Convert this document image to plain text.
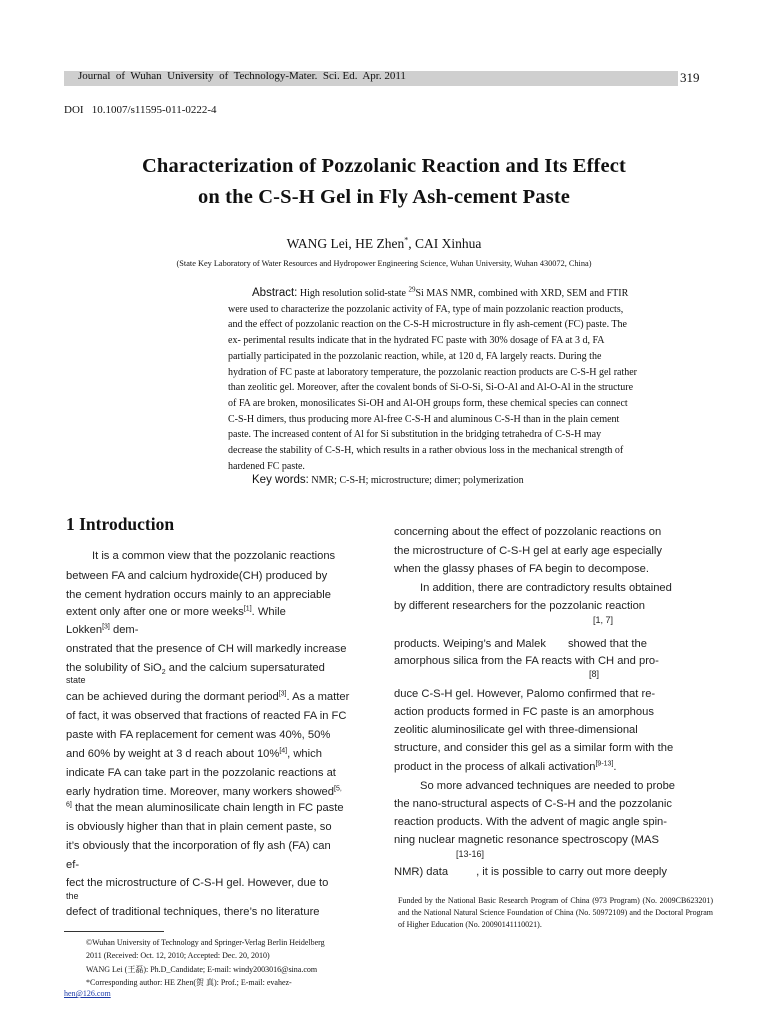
Journal  of  Wuhan  University  of  Technology-Mater.  Sci. Ed.  Apr. 2011	319
DOI   10.1007/s11595-011-0222-4
Characterization of Pozzolanic Reaction and Its Effect
on the C-S-H Gel in Fly Ash-cement Paste
WANG Lei, HE Zhen*, CAI Xinhua
(State Key Laboratory of Water Resources and Hydropower Engineering Science, Wuhan University, Wuhan 430072, China)
Abstract: High resolution solid-state $^{29}$Si MAS NMR, combined with XRD, SEM and FTIR
were used to characterize the pozzolanic activity of FA, type of main pozzolanic reaction products,
and the effect of pozzolanic reaction on the C-S-H microstructure in fly ash-cement (FC) paste. The
ex- perimental results indicate that in the hydrated FC paste with 30% dosage of FA at 3 d, FA
partially participated in the pozzolanic reaction, while, at 120 d, FA largely reacts. During the
hydration of FC paste at laboratory temperature, the pozzolanic reaction products are C-S-H gel rather
than zeolitic gel. Moreover, after the covalent bonds of Si-O-Si, Si-O-Al and Al-O-Al in the structure
of FA are broken, monosilicates Si-OH and Al-OH groups form, these chemical species can connect
C-S-H dimers, thus producing more Al-free C-S-H and aluminous C-S-H than in the plain cement
paste. The increased content of Al for Si substitution in the bridging tetrahedra of C-S-H may
decrease the stability of C-S-H, which results in a rather obvious loss in the mechanical strength of
hardened FC paste.
Key words: NMR; C-S-H; microstructure; dimer; polymerization
1 Introduction
It is a common view that the pozzolanic reactions
between FA and calcium hydroxide(CH) produced by
the cement hydration occurs mainly to an appreciable
extent only after one or more weeks[1]. While
Lokken[3] dem-
onstrated that the presence of CH will markedly increase
the solubility of SiO$_2$ and the calcium supersaturated
state
can be achieved during the dormant period[3]. As a matter
of fact, it was observed that fractions of reacted FA in FC
paste with FA replacement for cement was 40%, 50%
and 60% by weight at 3 d reach about 10%[4], which
indicate FA can take part in the pozzolanic reactions at
early hydration time. Moreover, many workers showed$^{[5,}$
$^{6]}$ that the mean aluminosilicate chain length in FC paste
is obviously higher than that in plain cement paste, so
it’s obviously that the incorporation of fly ash (FA) can
ef-
fect the microstructure of C-S-H gel. However, due to
the
defect of traditional techniques, there’s no literature
concerning about the effect of pozzolanic reactions on
the microstructure of C-S-H gel at early age especially
when the glassy phases of FA begin to decompose.
In addition, there are contradictory results obtained
by different researchers for the pozzolanic reaction
[1, 7]
products. Weiping’s and Malek showed that the
amorphous silica from the FA reacts with CH and pro-
[8]
duce C-S-H gel. However, Palomo confirmed that re-
action products formed in FC paste is an amorphous
zeolitic aluminosilicate gel with three-dimensional
structure, and consider this gel as a similar form with the
product in the process of alkali activation[9-13].
So more advanced techniques are needed to probe
the nano-structural aspects of C-S-H and the pozzolanic
reaction products. With the advent of magic angle spin-
ning nuclear magnetic resonance spectroscopy (MAS
[13-16]
NMR) data	, it is possible to carry out more deeply
Funded by the National Basic Research Program of China (973 Program) (No. 2009CB623201) and the National Natural Science Foundation of China (No. 50972109) and the Doctoral Program of Higher Education (No. 20090141110021).
©Wuhan University of Technology and Springer-Verlag Berlin Heidelberg
2011 (Received: Oct. 12, 2010; Accepted: Dec. 20, 2010)
WANG Lei (王磊): Ph.D_Candidate; E-mail: windy2003016@sina.com
*Corresponding author: HE Zhen(贺 真): Prof.; E-mail: evahez-
hen@126.com
